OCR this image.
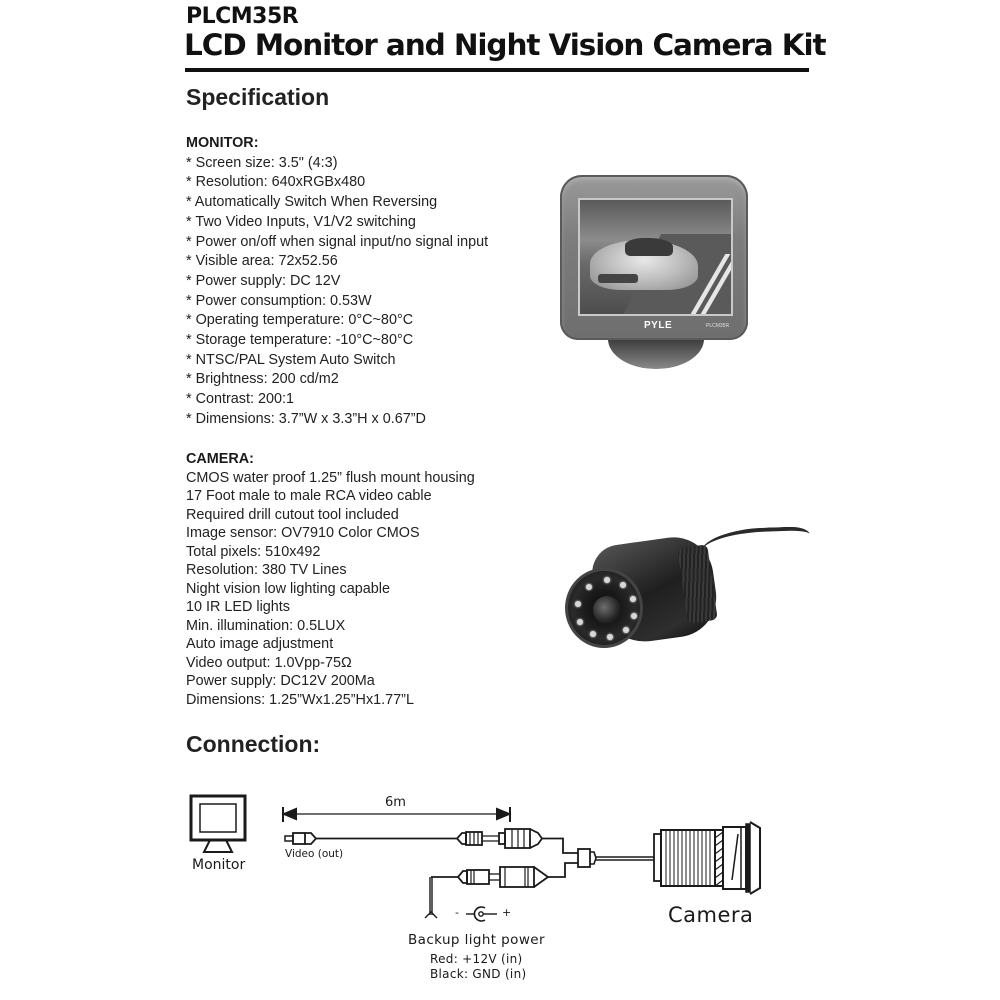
PLCM35R
LCD Monitor and Night Vision Camera Kit
Specification
MONITOR:
* Screen size: 3.5" (4:3)
* Resolution: 640xRGBx480
* Automatically Switch When Reversing
* Two Video Inputs, V1/V2 switching
* Power on/off when signal input/no signal input
* Visible area: 72x52.56
* Power supply: DC 12V
* Power consumption: 0.53W
* Operating temperature: 0°C~80°C
* Storage temperature: -10°C~80°C
* NTSC/PAL System Auto Switch
* Brightness: 200 cd/m2
* Contrast: 200:1
* Dimensions: 3.7”W x 3.3”H x 0.67”D
CAMERA:
CMOS water proof 1.25” flush mount housing
17 Foot male to male RCA video cable
Required drill cutout tool included
Image sensor: OV7910 Color CMOS
Total pixels: 510x492
Resolution: 380 TV Lines
Night vision low lighting capable
10 IR LED lights
Min. illumination: 0.5LUX
Auto image adjustment
Video output: 1.0Vpp-75Ω
Power supply: DC12V 200Ma
Dimensions: 1.25”Wx1.25”Hx1.77”L
PYLE	PLCM35R
Connection:
Monitor
6m
Video (out)
Camera
-	+
Backup light power
Red: +12V (in)
Black: GND (in)
